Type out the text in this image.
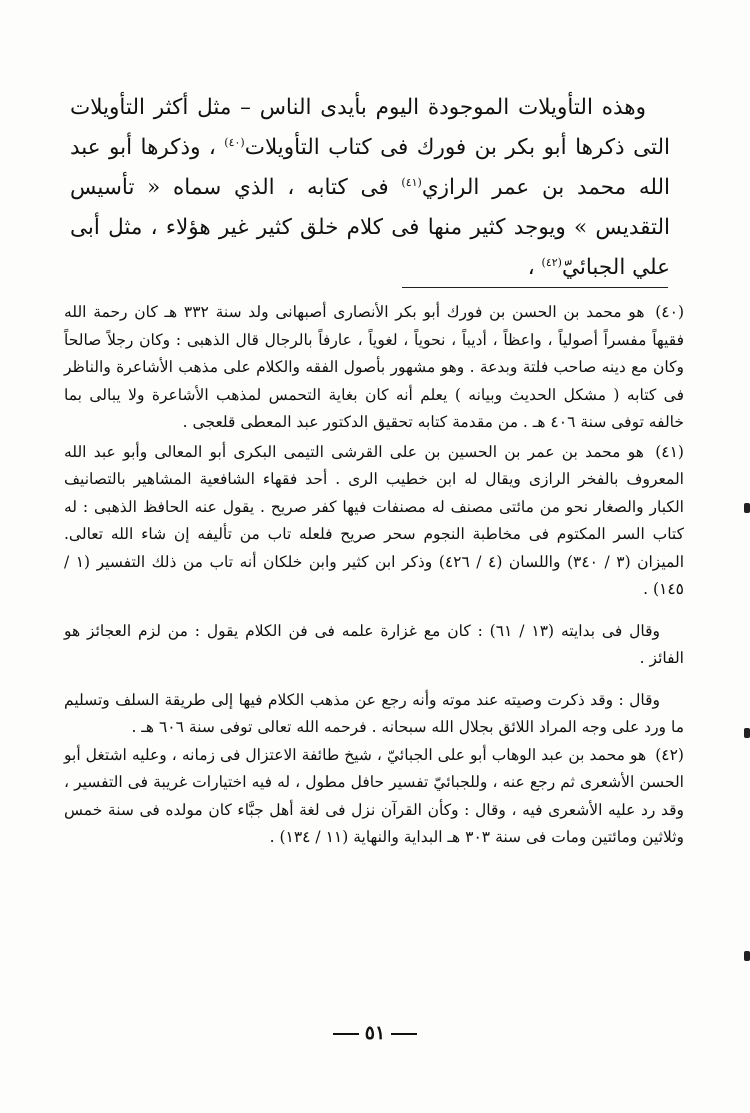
وهذه التأويلات الموجودة اليوم بأيدى الناس – مثل أكثر التأويلات التى ذكرها أبو بكر بن فورك فى كتاب التأويلات$^{(٤٠)}$ ، وذكرها أبو عبد الله محمد بن عمر الرازي$^{(٤١)}$ فى كتابه ، الذي سماه « تأسيس التقديس » ويوجد كثير منها فى كلام خلق كثير غير هؤلاء ، مثل أبى علي الجبائيّ$^{(٤٢)}$ ،

(٤٠) هو محمد بن الحسن بن فورك أبو بكر الأنصارى أصبهانى ولد سنة ٣٣٢ هـ كان رحمة الله فقيهاً مفسراً أصولياً ، واعظاً ، أديباً ، نحوياً ، لغوياً ، عارفاً بالرجال قال الذهبى : وكان رجلاً صالحاً وكان مع دينه صاحب فلتة وبدعة . وهو مشهور بأصول الفقه والكلام على مذهب الأشاعرة والناظر فى كتابه ( مشكل الحديث وبيانه ) يعلم أنه كان بغاية التحمس لمذهب الأشاعرة ولا يبالى بما خالفه توفى سنة ٤٠٦ هـ . من مقدمة كتابه تحقيق الدكتور عبد المعطى قلعجى .
(٤١) هو محمد بن عمر بن الحسين بن على القرشى التيمى البكرى أبو المعالى وأبو عبد الله المعروف بالفخر الرازى ويقال له ابن خطيب الرى . أحد فقهاء الشافعية المشاهير بالتصانيف الكبار والصغار نحو من مائتى مصنف له مصنفات فيها كفر صريح . يقول عنه الحافظ الذهبى : له كتاب السر المكتوم فى مخاطبة النجوم سحر صريح فلعله تاب من تأليفه إن شاء الله تعالى. الميزان (٣ / ٣٤٠) واللسان (٤ / ٤٢٦) وذكر ابن كثير وابن خلكان أنه تاب من ذلك التفسير (١ / ١٤٥) .

وقال فى بدايته (١٣ / ٦١) : كان مع غزارة علمه فى فن الكلام يقول : من لزم العجائز هو الفائز .

وقال : وقد ذكرت وصيته عند موته وأنه رجع عن مذهب الكلام فيها إلى طريقة السلف وتسليم ما ورد على وجه المراد اللائق بجلال الله سبحانه . فرحمه الله تعالى توفى سنة ٦٠٦ هـ .

(٤٢) هو محمد بن عبد الوهاب أبو على الجبائيّ ، شيخ طائفة الاعتزال فى زمانه ، وعليه اشتغل أبو الحسن الأشعرى ثم رجع عنه ، وللجبائيّ تفسير حافل مطول ، له فيه اختيارات غريبة فى التفسير ، وقد رد عليه الأشعرى فيه ، وقال : وكأن القرآن نزل فى لغة أهل جبَّاء كان مولده فى سنة خمس وثلاثين ومائتين ومات فى سنة ٣٠٣ هـ البداية والنهاية (١١ / ١٣٤) .
٥١
